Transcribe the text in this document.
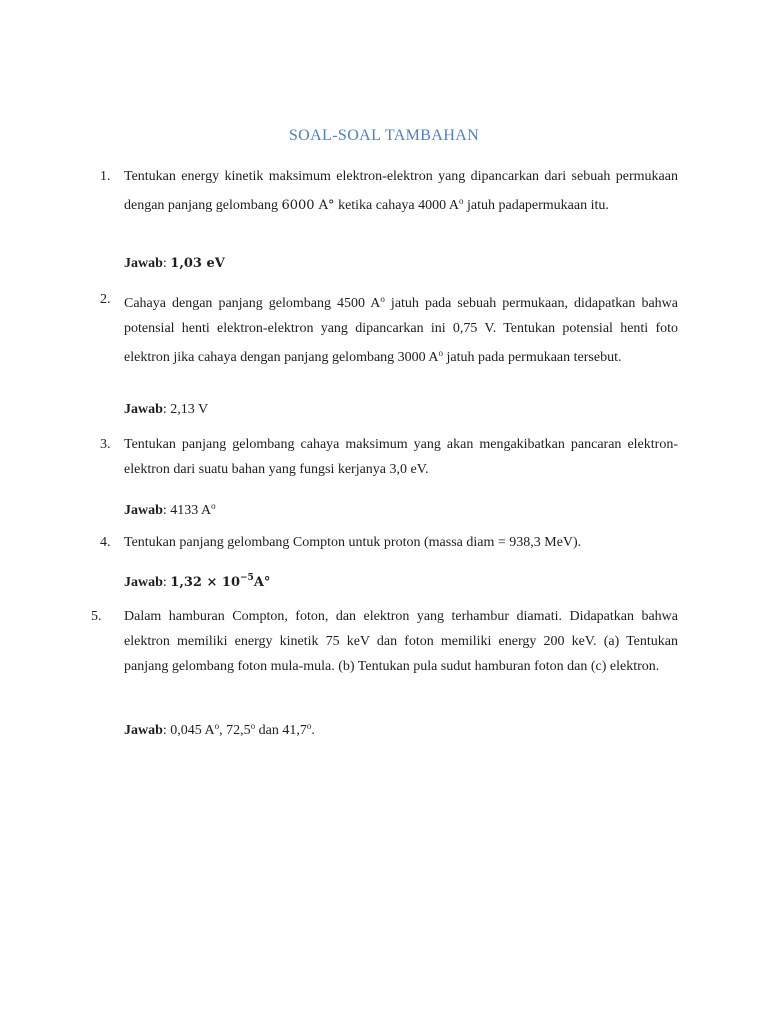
SOAL-SOAL TAMBAHAN
1. Tentukan energy kinetik maksimum elektron-elektron yang dipancarkan dari sebuah permukaan dengan panjang gelombang 6000 A° ketika cahaya 4000 $A^o$ jatuh padapermukaan itu.
Jawab: 1,03 eV
2. Cahaya dengan panjang gelombang 4500 $A^o$ jatuh pada sebuah permukaan, didapatkan bahwa potensial henti elektron-elektron yang dipancarkan ini 0,75 V. Tentukan potensial henti foto elektron jika cahaya dengan panjang gelombang 3000 $A^o$ jatuh pada permukaan tersebut.
Jawab: 2,13 V
3. Tentukan panjang gelombang cahaya maksimum yang akan mengakibatkan pancaran elektron-elektron dari suatu bahan yang fungsi kerjanya 3,0 eV.
Jawab: 4133 $A^o$
4. Tentukan panjang gelombang Compton untuk proton (massa diam = 938,3 MeV).
Jawab: $1,32 \times 10^{-5}A^\circ$
5. Dalam hamburan Compton, foton, dan elektron yang terhambur diamati. Didapatkan bahwa elektron memiliki energy kinetik 75 keV dan foton memiliki energy 200 keV. (a) Tentukan panjang gelombang foton mula-mula. (b) Tentukan pula sudut hamburan foton dan (c) elektron.
Jawab: 0,045 $A^o$, 72,5$^o$ dan 41,7$^o$.
